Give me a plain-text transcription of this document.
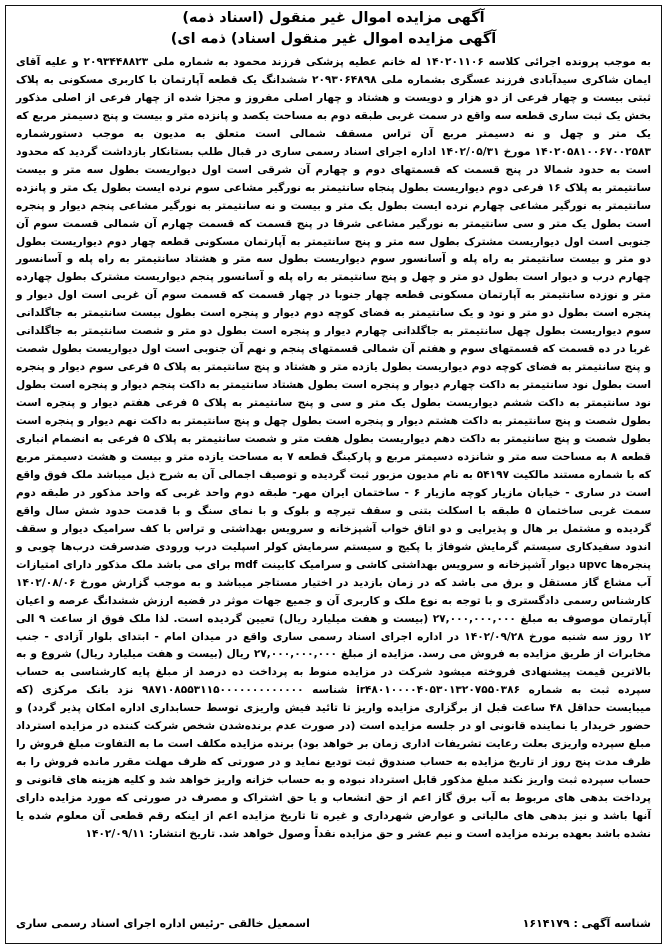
آگهی مزایده اموال غیر منقول (اسناد ذمه)
آگهی مزایده اموال غیر منقول اسناد) ذمه ای)
به موجب پرونده اجرائی کلاسه ۱۴۰۲۰۱۱۰۶ له خانم عطیه پزشکی فرزند محمود به شماره ملی ۲۰۹۳۴۴۸۸۲۳ و علیه آقای ایمان شاکری سیدآبادی فرزند عسگری بشماره ملی ۲۰۹۳۰۶۴۸۹۸ ششدانگ یک قطعه آپارتمان با کاربری مسکونی به پلاک ثبتی بیست و چهار فرعی از دو هزار و دویست و هشتاد و چهار اصلی مفروز و مجزا شده از چهار فرعی از اصلی مذکور بخش یک ثبت ساری قطعه سه واقع در سمت غربی طبقه دوم به مساحت یکصد و پانزده متر و بیست و پنج دسیمتر مربع که یک متر و چهل و نه دسیمتر مربع آن تراس مسقف شمالی است متعلق به مدیون به موجب دستورشماره ۱۴۰۲۰۵۸۱۰۰۶۷۰۰۲۵۸۳ مورخ ۱۴۰۲/۰۵/۳۱ اداره اجرای اسناد رسمی ساری در قبال طلب بستانکار بازداشت گردید که محدود است به حدود شمالا در پنج قسمت که قسمتهای دوم و چهارم آن شرقی است اول دیواریست بطول سه متر و بیست سانتیمتر به پلاک ۱۶ فرعی دوم دیواریست بطول پنجاه سانتیمتر به نورگیر مشاعی سوم نرده ایست بطول یک متر و پانزده سانتیمتر به نورگیر مشاعی چهارم نرده ایست بطول یک متر و بیست و نه سانتیمتر به نورگیر مشاعی پنجم دیوار و پنجره است بطول یک متر و سی سانتیمتر به نورگیر مشاعی شرقا در پنج قسمت که قسمت چهارم آن شمالی قسمت سوم آن جنوبی است اول دیواریست مشترک بطول سه متر و پنج سانتیمتر به آپارتمان مسکونی قطعه چهار دوم دیواریست بطول دو متر و بیست سانتیمتر به راه پله و آسانسور سوم دیواریست بطول سه متر و هشتاد سانتیمتر به راه پله و آسانسور چهارم درب و دیوار است بطول دو متر و چهل و پنج سانتیمتر به راه پله و آسانسور پنجم دیواریست مشترک بطول چهارده متر و نوزده سانتیمتر به آپارتمان مسکونی قطعه چهار جنوبا در چهار قسمت که قسمت سوم آن غربی است اول دیوار و پنجره است بطول دو متر و نود و یک سانتیمتر به فضای کوچه دوم دیوار و پنجره است بطول بیست سانتیمتر به جاگلدانی سوم دیواریست بطول چهل سانتیمتر به جاگلدانی چهارم دیوار و پنجره است بطول دو متر و شصت سانتیمتر به جاگلدانی غربا در ده قسمت که قسمتهای سوم و هفتم آن شمالی قسمتهای پنجم و نهم آن جنوبی است اول دیواریست بطول شصت و پنج سانتیمتر به فضای کوچه دوم دیواریست بطول یازده متر و هشتاد و پنج سانتیمتر به پلاک ۵ فرعی سوم دیوار و پنجره است بطول نود سانتیمتر به داکت چهارم دیوار و پنجره است بطول هشتاد سانتیمتر به داکت پنجم دیوار و پنجره است بطول نود سانتیمتر به داکت ششم دیواریست بطول یک متر و سی و پنج سانتیمتر به پلاک ۵ فرعی هفتم دیوار و پنجره است بطول شصت و پنج سانتیمتر به داکت هشتم دیوار و پنجره است بطول چهل و پنج سانتیمتر به داکت نهم دیوار و پنجره است بطول شصت و پنج سانتیمتر به داکت دهم دیواریست بطول هفت متر و شصت سانتیمتر به پلاک ۵ فرعی به انضمام انباری قطعه ۸ به مساحت سه متر و شانزده دسیمتر مربع و پارکینگ قطعه ۷ به مساحت یازده متر و بیست و هشت دسیمتر مربع که با شماره مستند مالکیت ۵۴۱۹۷ به نام مدیون مزبور ثبت گردیده و توصیف اجمالی آن به شرح ذیل میباشد ملک فوق واقع است در ساری - خیابان مازیار کوچه مازیار ۶ - ساختمان ایران مهر- طبقه دوم واحد غربی که واحد مذکور در طبقه دوم سمت غربی ساختمان ۵ طبقه با اسکلت بتنی و سقف تیرچه و بلوک و با نمای سنگ و با قدمت حدود شش سال واقع گردیده و مشتمل بر هال و پذیرایی و دو اتاق خواب آشپزخانه و سرویس بهداشتی و تراس با کف سرامیک دیوار و سقف اندود سفیدکاری سیستم گرمایش شوفاژ با پکیج و سیستم سرمایش کولر اسپلیت درب ورودی ضدسرقت درب‌ها چوبی و پنجره‌ها upvc دیوار آشپزخانه و سرویس بهداشتی کاشی و سرامیک کابینت mdf برای می باشد ملک مذکور دارای امتیازات آب مشاع گاز مستقل و برق می باشد که در زمان بازدید در اختیار مستاجر میباشد و به موجب گزارش مورخ ۱۴۰۲/۰۸/۰۶ کارشناس رسمی دادگستری و با توجه به نوع ملک و کاربری آن و جمیع جهات موثر در قضیه ارزش ششدانگ عرصه و اعیان آپارتمان موصوف به مبلغ ۲۷,۰۰۰,۰۰۰,۰۰۰ (بیست و هفت میلیارد ریال) تعیین گردیده است. لذا ملک فوق از ساعت ۹ الی ۱۲ روز سه شنبه مورخ ۱۴۰۲/۰۹/۲۸ در اداره اجرای اسناد رسمی ساری واقع در میدان امام - ابتدای بلوار آزادی - جنب مخابرات از طریق مزایده به فروش می رسد. مزایده از مبلغ ۲۷,۰۰۰,۰۰۰,۰۰۰ ریال (بیست و هفت میلیارد ریال) شروع و به بالاترین قیمت پیشنهادی فروخته میشود شرکت در مزایده منوط به پرداخت ده درصد از مبلغ پایه کارشناسی به حساب سپرده ثبت به شماره ir۴۸۰۱۰۰۰۰۴۰۵۳۰۱۳۲۰۷۵۵۰۳۸۶ شناسه ۹۸۷۱۰۸۵۵۳۱۱۵۰۰۰۰۰۰۰۰۰۰۰۰۰ نزد بانک مرکزی (که میبایست حداقل ۴۸ ساعت قبل از برگزاری مزایده واریز تا تائید فیش واریزی توسط حسابداری اداره امکان پذیر گردد) و حضور خریدار یا نماینده قانونی او در جلسه مزایده است (در صورت عدم برنده‌شدن شخص شرکت کننده در مزایده استرداد مبلغ سپرده واریزی بعلت رعایت تشریفات اداری زمان بر خواهد بود) برنده مزایده مکلف است ما به التفاوت مبلغ فروش را ظرف مدت پنج روز از تاریخ مزایده به حساب صندوق ثبت تودیع نماید و در صورتی که ظرف مهلت مقرر مانده فروش را به حساب سپرده ثبت واریز نکند مبلغ مذکور قابل استرداد نبوده و به حساب خزانه واریز خواهد شد و کلیه هزینه های قانونی و پرداخت بدهی های مربوط به آب برق گاز اعم از حق انشعاب و یا حق اشتراک و مصرف در صورتی که مورد مزایده دارای آنها باشد و نیز بدهی های مالیاتی و عوارض شهرداری و غیره تا تاریخ مزایده اعم از اینکه رقم قطعی آن معلوم شده یا نشده باشد بعهده برنده مزایده است و نیم عشر و حق مزایده نقداً وصول خواهد شد. تاریخ انتشار: ۱۴۰۲/۰۹/۱۱
شناسه آگهی : ۱۶۱۴۱۷۹
اسمعیل خالقی -رئیس اداره اجرای اسناد رسمی ساری
